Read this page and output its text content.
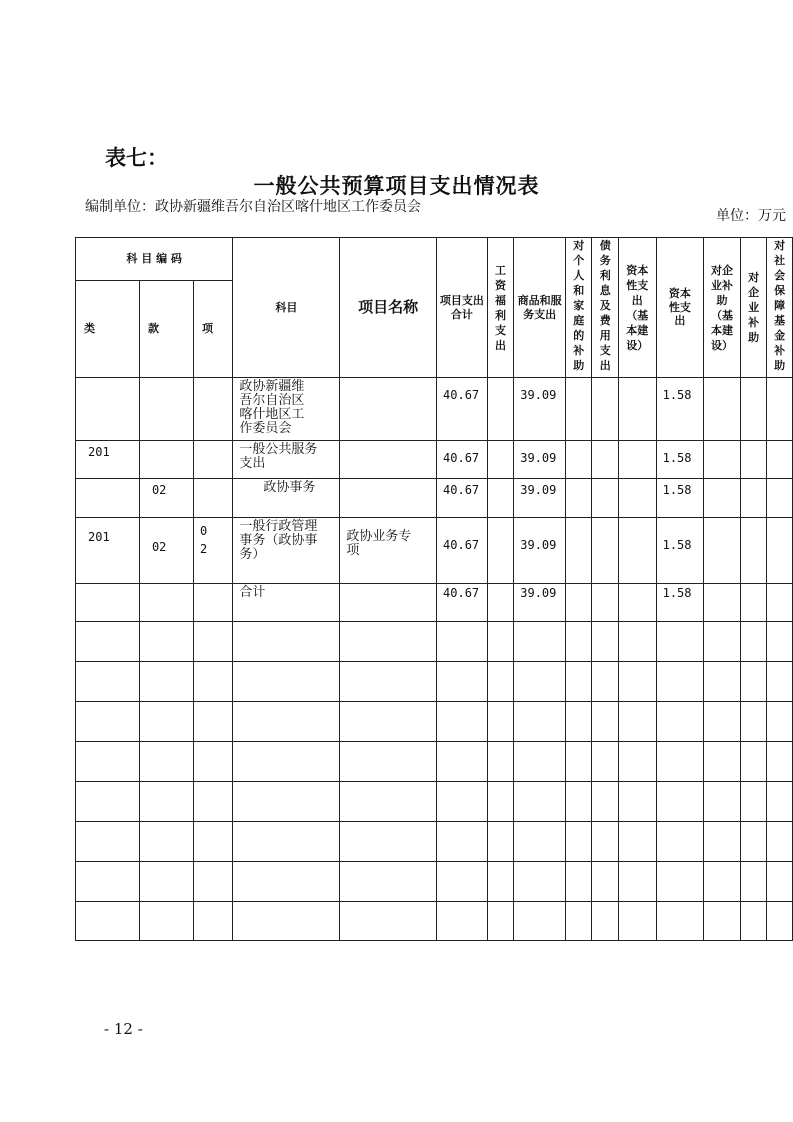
表七：
一般公共预算项目支出情况表
编制单位：政协新疆维吾尔自治区喀什地区工作委员会
单位：万元
科 目 编 码			科目	项目名称	项目支出合计	工资福利支出	商品和服务支出	对个人和家庭的补助	债务利息及费用支出	资本性支出（基本建设）	资本性支出	对企业补助（基本建设）	对企业补助	对社会保障基金补助

类	款	项												

			政协新疆维吾尔自治区喀什地区工作委员会		40.67		39.09				1.58			

201			一般公共服务支出		40.67		39.09				1.58			

	02		政协事务		40.67		39.09				1.58			

201	02	02	一般行政管理事务（政协事务）	政协业务专项	40.67		39.09				1.58			

			合计		40.67		39.09				1.58			

- 12 -
